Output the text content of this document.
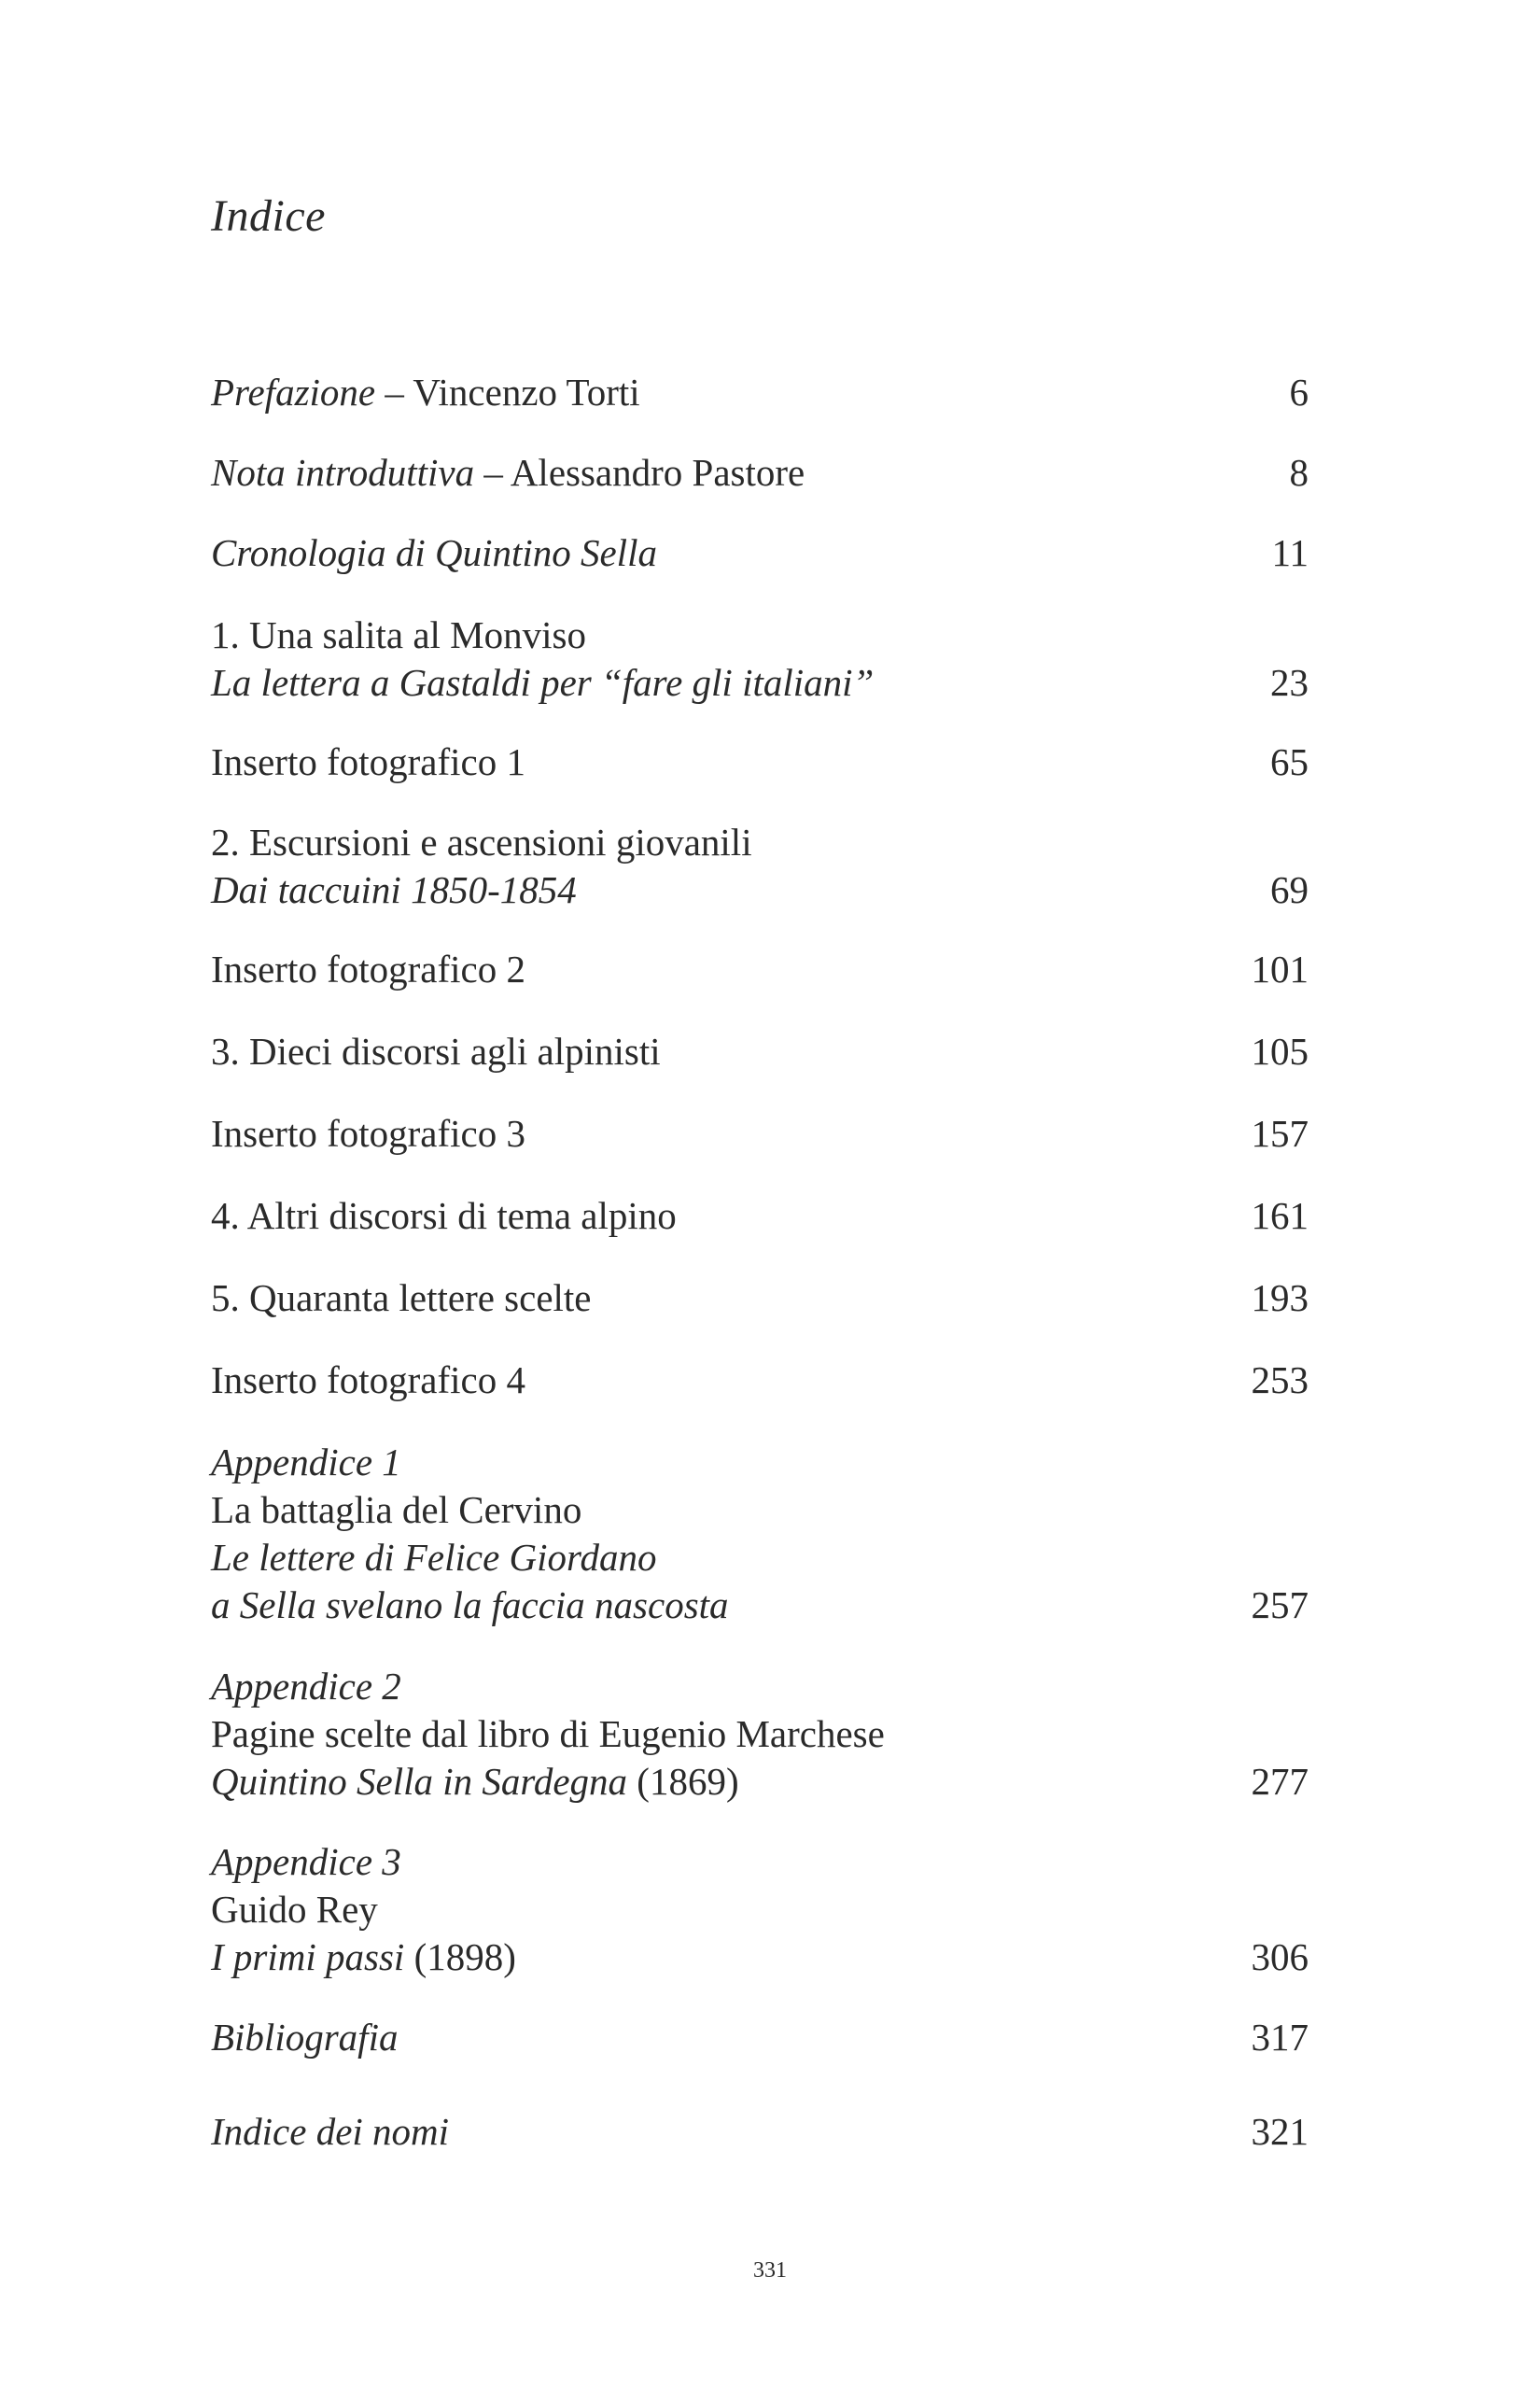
Indice
Prefazione – Vincenzo Torti	6
Nota introduttiva – Alessandro Pastore	8
Cronologia di Quintino Sella	11
1. Una salita al Monviso
La lettera a Gastaldi per “fare gli italiani”	23
Inserto fotografico 1	65
2. Escursioni e ascensioni giovanili
Dai taccuini 1850-1854	69
Inserto fotografico 2	101
3. Dieci discorsi agli alpinisti	105
Inserto fotografico 3	157
4. Altri discorsi di tema alpino	161
5. Quaranta lettere scelte	193
Inserto fotografico 4	253
Appendice 1
La battaglia del Cervino
Le lettere di Felice Giordano
a Sella svelano la faccia nascosta	257
Appendice 2
Pagine scelte dal libro di Eugenio Marchese
Quintino Sella in Sardegna (1869)	277
Appendice 3
Guido Rey
I primi passi (1898)	306
Bibliografia	317
Indice dei nomi	321
331
